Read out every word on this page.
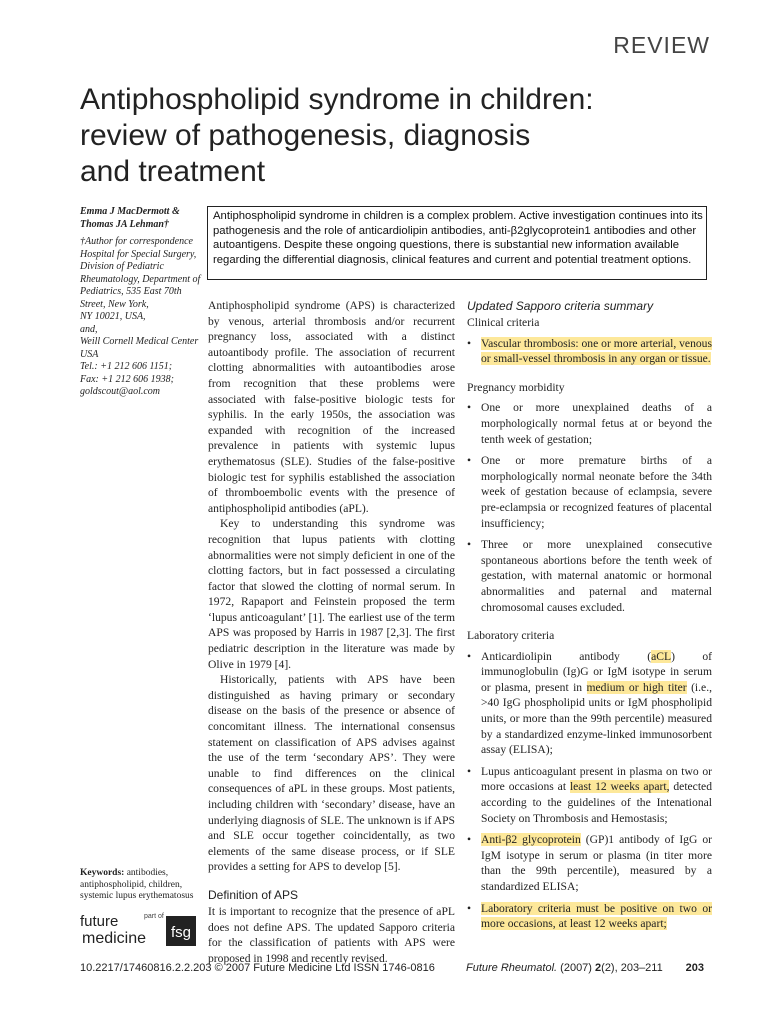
REVIEW
Antiphospholipid syndrome in children:
review of pathogenesis, diagnosis
and treatment
Emma J MacDermott &
Thomas JA Lehman†
†Author for correspondence
Hospital for Special Surgery,
Division of Pediatric
Rheumatology, Department of
Pediatrics, 535 East 70th
Street, New York,
NY 10021, USA,
and,
Weill Cornell Medical Center
USA
Tel.: +1 212 606 1151;
Fax: +1 212 606 1938;
goldscout@aol.com
Antiphospholipid syndrome in children is a complex problem. Active investigation continues into its pathogenesis and the role of anticardiolipin antibodies, anti-β2glycoprotein1 antibodies and other autoantigens. Despite these ongoing questions, there is substantial new information available regarding the differential diagnosis, clinical features and current and potential treatment options.

Antiphospholipid syndrome (APS) is characterized by venous, arterial thrombosis and/or recurrent pregnancy loss, associated with a distinct autoantibody profile. The association of recurrent clotting abnormalities with autoantibodies arose from recognition that these problems were associated with false-positive biologic tests for syphilis. In the early 1950s, the association was expanded with recognition of the increased prevalence in patients with systemic lupus erythematosus (SLE). Studies of the false-positive biologic test for syphilis established the association of thromboembolic events with the presence of antiphospholipid antibodies (aPL).

Key to understanding this syndrome was recognition that lupus patients with clotting abnormalities were not simply deficient in one of the clotting factors, but in fact possessed a circulating factor that slowed the clotting of normal serum. In 1972, Rapaport and Feinstein proposed the term ‘lupus anticoagulant’ [1]. The earliest use of the term APS was proposed by Harris in 1987 [2,3]. The first pediatric description in the literature was made by Olive in 1979 [4].

Historically, patients with APS have been distinguished as having primary or secondary disease on the basis of the presence or absence of concomitant illness. The international consensus statement on classification of APS advises against the use of the term ‘secondary APS’. They were unable to find differences on the clinical consequences of aPL in these groups. Most patients, including children with ‘secondary’ disease, have an underlying diagnosis of SLE. The unknown is if APS and SLE occur together coincidentally, as two elements of the same disease process, or if SLE provides a setting for APS to develop [5].

Definition of APS

It is important to recognize that the presence of aPL does not define APS. The updated Sapporo criteria for the classification of patients with APS were proposed in 1998 and recently revised.

Updated Sapporo criteria summary
Clinical criteria
• Vascular thrombosis: one or more arterial, venous or small-vessel thrombosis in any organ or tissue.
Pregnancy morbidity
• One or more unexplained deaths of a morphologically normal fetus at or beyond the tenth week of gestation;
• One or more premature births of a morphologically normal neonate before the 34th week of gestation because of eclampsia, severe pre-eclampsia or recognized features of placental insufficiency;
• Three or more unexplained consecutive spontaneous abortions before the tenth week of gestation, with maternal anatomic or hormonal abnormalities and paternal and maternal chromosomal causes excluded.
Laboratory criteria
• Anticardiolipin antibody (aCL) of immunoglobulin (Ig)G or IgM isotype in serum or plasma, present in medium or high titer (i.e., >40 IgG phospholipid units or IgM phospholipid units, or more than the 99th percentile) measured by a standardized enzyme-linked immunosorbent assay (ELISA);
• Lupus anticoagulant present in plasma on two or more occasions at least 12 weeks apart, detected according to the guidelines of the Intenational Society on Thrombosis and Hemostasis;
• Anti-β2 glycoprotein (GP)1 antibody of IgG or IgM isotype in serum or plasma (in titer more than the 99th percentile), measured by a standardized ELISA;
• Laboratory criteria must be positive on two or more occasions, at least 12 weeks apart;
Keywords: antibodies, antiphospholipid, children, systemic lupus erythematosus
future
medicine
part of
fsg
10.2217/17460816.2.2.203 © 2007 Future Medicine Ltd ISSN 1746-0816	Future Rheumatol. (2007) 2(2), 203–211 203
